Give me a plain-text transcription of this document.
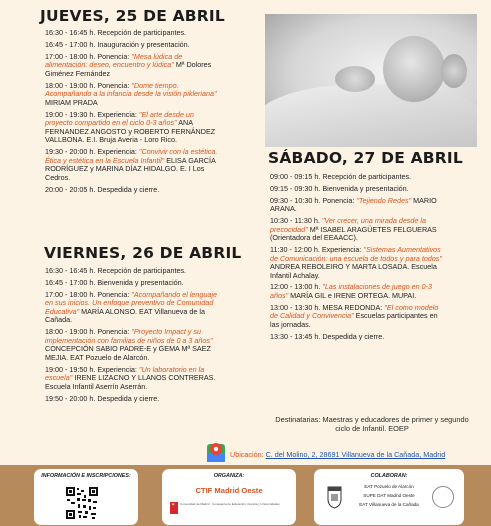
JUEVES, 25 DE ABRIL
16:30 - 16:45 h. Recepción de participantes.
16:45 - 17:00 h. Inauguración y presentación.
17:00 - 18:00 h. Ponencia: "Mesa lúdica de alimentación: deseo, encuentro y lúdica" Mª Dolores Giménez Fernández
18:00 - 19:00 h. Ponencia: "Dome tiempo. Acompañando a la infancia desde la visión pikleriana" MIRIAM PRADA
19:00 - 19:30 h. Experiencia: "El arte desde un proyecto compartido en el ciclo 0-3 años" ANA FERNANDEZ ANGOSTO y ROBERTO FERNÁNDEZ VALLBONA. E.I. Bruja Averia - Loro Rico.
19:30 - 20:00 h. Experiencia: "Convivir con la estética. Ética y estética en la Escuela Infantil" ELISA GARCÍA RODRÍGUEZ y MARINA DÍAZ HIDALGO. E. I Los Cedros.
20:00 - 20:05 h. Despedida y cierre.
VIERNES, 26 DE ABRIL
16:30 - 16:45 h. Recepción de participantes.
16:45 - 17:00 h. Bienvenida y presentación.
17:00 - 18:00 h. Ponencia: "Acompañando el lenguaje en sus inicios. Un enfoque preventivo de Comunidad Educativa" MARÍA ALONSO. EAT Villanueva de la Cañada.
18:00 - 19:00 h. Ponencia: "Proyecto Impact y su implementación con familias de niños de 0 a 3 años" CONCEPCIÓN SABIO PADRE-E y GEMA Mª SAEZ MEJIA. EAT Pozuelo de Alarcón.
19:00 - 19:50 h. Experiencia: "Un laboratorio en la escuela" IRENE LIZACNO Y LLANOS CONTRERAS. Escuela Infantil Aserrín Aserrán.
19:50 - 20:00 h. Despedida y cierre.
SÁBADO, 27 DE ABRIL
09:00 - 09:15 h. Recepción de participantes.
09:15 - 09:30 h. Bienvenida y presentación.
09:30 - 10:30 h. Ponencia: "Tejiendo Redes" MARIO ARANA.
10:30 - 11:30 h. "Ver crecer, una mirada desde la precocidad" Mª ISABEL ARAGÜETES FELGUERAS (Orientadora del EEAACC).
11:30 - 12:00 h. Experiencia: "Sistemas Aumentativos de Comunicación: una escuela de todos y para todos" ANDREA REBOLEIRO Y MARTA LOSADA. Escuela Infantil Achalay.
12:00 - 13:00 h. "Las instalaciones de juego en 0-3 años" MARÍA GIL e IRENE ORTEGA. MUPAI.
13:00 - 13:30 h. MESA REDONDA: "El como modelo de Calidad y Convivencia" Escuelas participantes en las jornadas.
13:30 - 13:45 h. Despedida y cierre.
Destinatarias: Maestras y educadores de primer y segundo ciclo de Infantil. EOEP
Ubicación: C. del Molino, 2, 28691 Villanueva de la Cañada, Madrid
INFORMACIÓN E INSCRIPCIONES:	ORGANIZA:
CTIF Madrid Oeste
✶ Comunidad de Madrid · Consejería de Educación, Ciencia y Universidades
COLABORAN:
EAT Pozuelo de Alarcón
SUPE DAT Madrid Oeste
EAT Villanueva de la Cañada
